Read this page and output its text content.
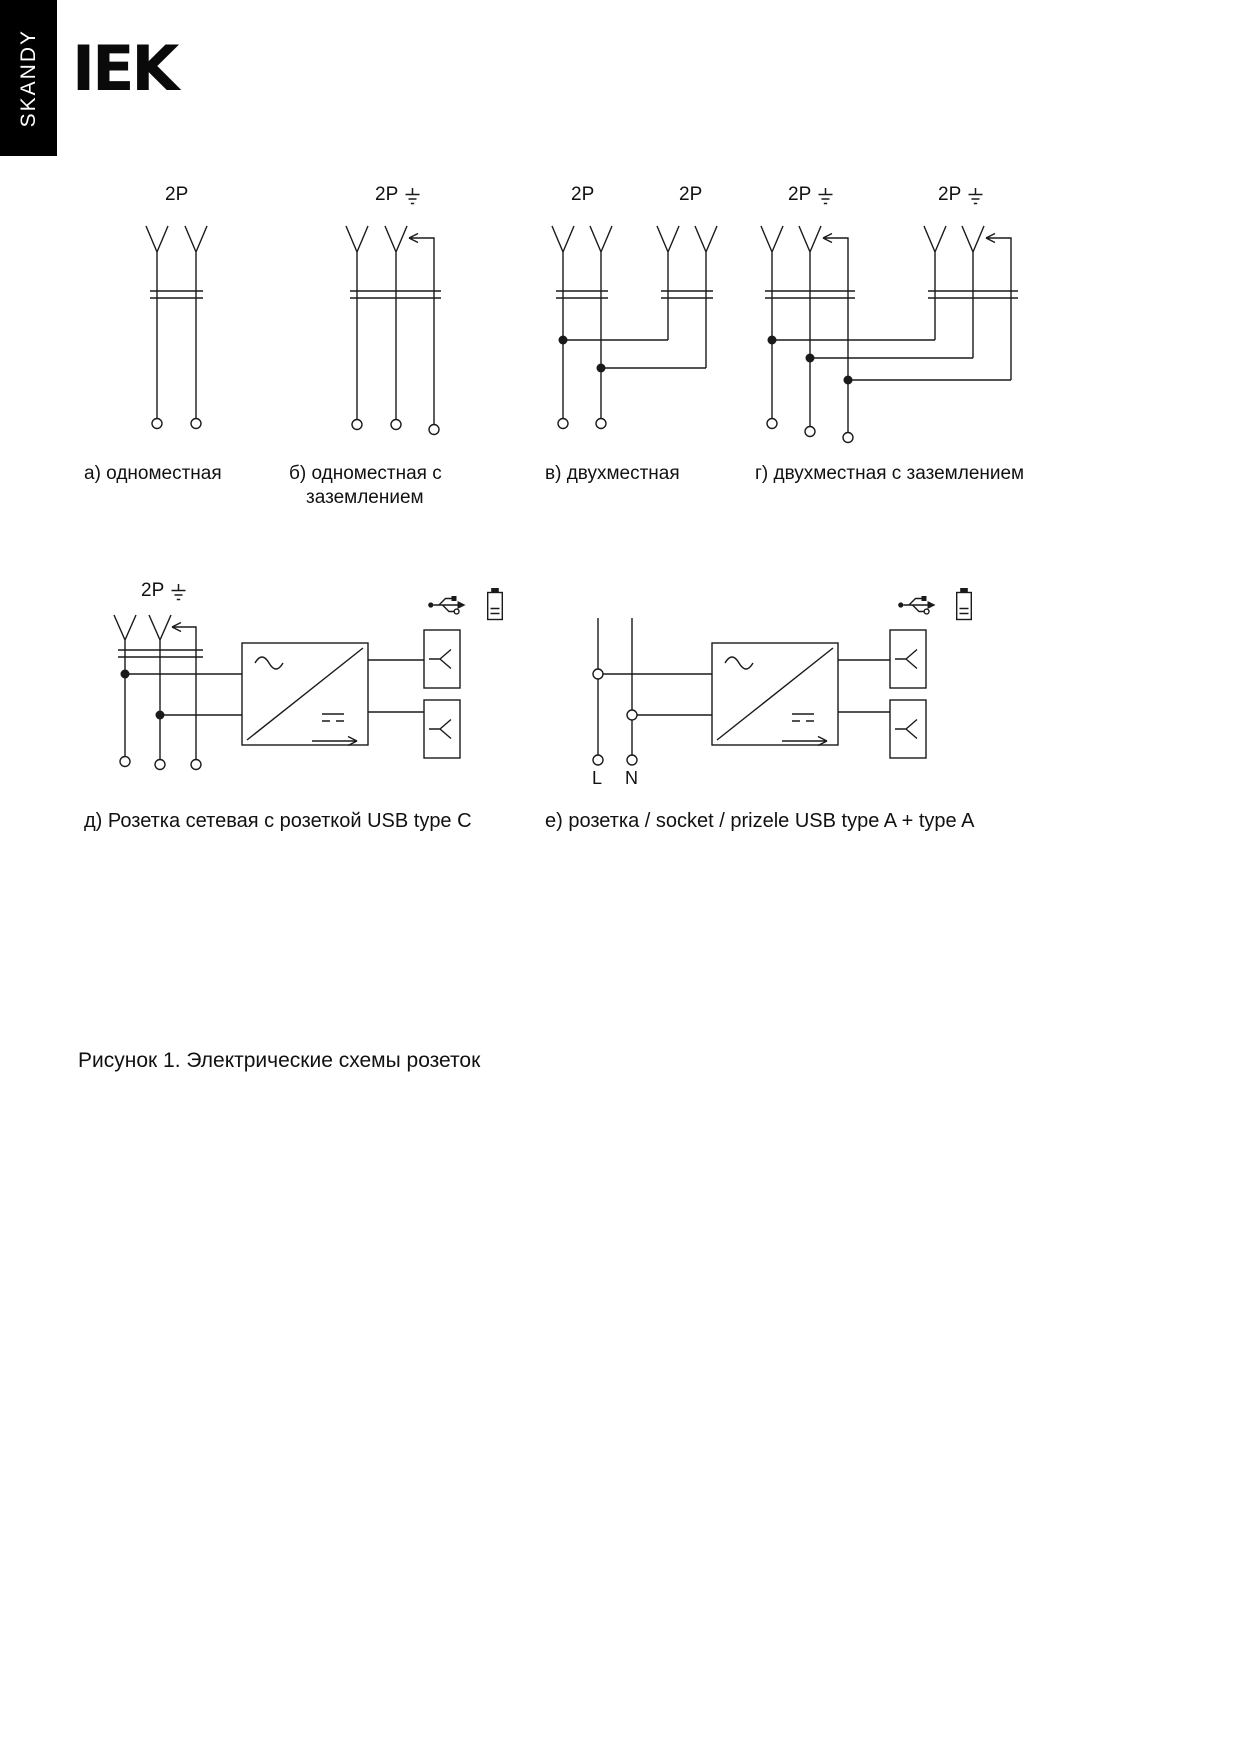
SKANDY IEK
2P	2P	2P	2P	2P	2P
2P
L N
а) одноместная	б) одноместная с
заземлением
в) двухместная	г) двухместная с заземлением
д) Розетка сетевая с розеткой USB type C	е) розетка / socket / prizele USB type A + type A
Рисунок 1. Электрические схемы розеток
